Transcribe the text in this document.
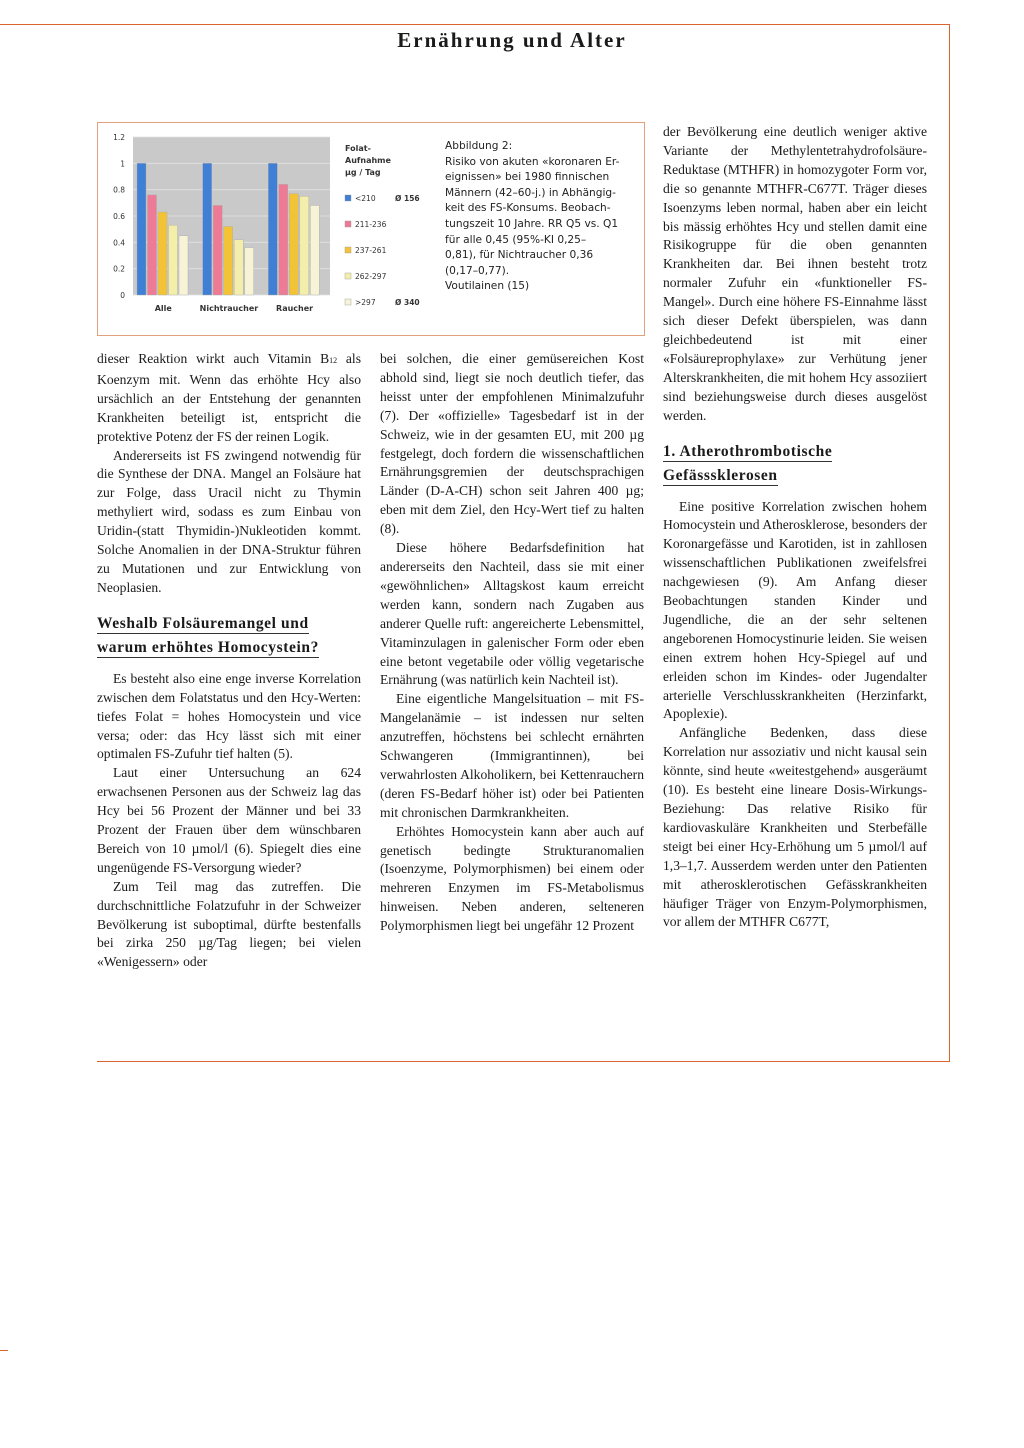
Ernährung und Alter
0
0.2
0.4
0.6
0.8
1
1.2
Alle	Nichtraucher Raucher
Folat-
Aufnahme
µg / Tag
<210	Ø 156
211-236
237-261
262-297
>297	Ø 340
Abbildung 2:
Risiko von akuten «koronaren Er-
eignissen» bei 1980 finnischen
Männern (42–60-j.) in Abhängig-
keit des FS-Konsums. Beobach-
tungszeit 10 Jahre. RR Q5 vs. Q1
für alle 0,45 (95%-KI 0,25–
0,81), für Nichtraucher 0,36
(0,17–0,77).
Voutilainen (15)

dieser Reaktion wirkt auch Vitamin B12 als Koenzym mit. Wenn das erhöhte Hcy also ursächlich an der Entstehung der genannten Krankheiten beteiligt ist, entspricht die protektive Potenz der FS der reinen Logik.

Andererseits ist FS zwingend notwendig für die Synthese der DNA. Mangel an Folsäure hat zur Folge, dass Uracil nicht zu Thymin methyliert wird, sodass es zum Einbau von Uridin-(statt Thymidin-)Nukleotiden kommt. Solche Anomalien in der DNA-Struktur führen zu Mutationen und zur Entwicklung von Neoplasien.

Weshalb Folsäuremangel und
warum erhöhtes Homocystein?

Es besteht also eine enge inverse Korrelation zwischen dem Folatstatus und den Hcy-Werten: tiefes Folat = hohes Homocystein und vice versa; oder: das Hcy lässt sich mit einer optimalen FS-Zufuhr tief halten (5).

Laut einer Untersuchung an 624 erwachsenen Personen aus der Schweiz lag das Hcy bei 56 Prozent der Männer und bei 33 Prozent der Frauen über dem wünschbaren Bereich von 10 µmol/l (6). Spiegelt dies eine ungenügende FS-Versorgung wieder?

Zum Teil mag das zutreffen. Die durchschnittliche Folatzufuhr in der Schweizer Bevölkerung ist suboptimal, dürfte bestenfalls bei zirka 250 µg/Tag liegen; bei vielen «Wenigessern» oder

bei solchen, die einer gemüsereichen Kost abhold sind, liegt sie noch deutlich tiefer, das heisst unter der empfohlenen Minimalzufuhr (7). Der «offizielle» Tagesbedarf ist in der Schweiz, wie in der gesamten EU, mit 200 µg festgelegt, doch fordern die wissenschaftlichen Ernährungsgremien der deutschsprachigen Länder (D-A-CH) schon seit Jahren 400 µg; eben mit dem Ziel, den Hcy-Wert tief zu halten (8).

Diese höhere Bedarfsdefinition hat andererseits den Nachteil, dass sie mit einer «gewöhnlichen» Alltagskost kaum erreicht werden kann, sondern nach Zugaben aus anderer Quelle ruft: angereicherte Lebensmittel, Vitaminzulagen in galenischer Form oder eben eine betont vegetabile oder völlig vegetarische Ernährung (was natürlich kein Nachteil ist).

Eine eigentliche Mangelsituation – mit FS-Mangelanämie – ist indessen nur selten anzutreffen, höchstens bei schlecht ernährten Schwangeren (Immigrantinnen), bei verwahrlosten Alkoholikern, bei Kettenrauchern (deren FS-Bedarf höher ist) oder bei Patienten mit chronischen Darmkrankheiten.

Erhöhtes Homocystein kann aber auch auf genetisch bedingte Strukturanomalien (Isoenzyme, Polymorphismen) bei einem oder mehreren Enzymen im FS-Metabolismus hinweisen. Neben anderen, selteneren Polymorphismen liegt bei ungefähr 12 Prozent

der Bevölkerung eine deutlich weniger aktive Variante der Methylentetrahydrofolsäure-Reduktase (MTHFR) in homozygoter Form vor, die so genannte MTHFR-C677T. Träger dieses Isoenzyms leben normal, haben aber ein leicht bis mässig erhöhtes Hcy und stellen damit eine Risikogruppe für die oben genannten Krankheiten dar. Bei ihnen besteht trotz normaler Zufuhr ein «funktioneller FS-Mangel». Durch eine höhere FS-Einnahme lässt sich dieser Defekt überspielen, was dann gleichbedeutend ist mit einer «Folsäureprophylaxe» zur Verhütung jener Alterskrankheiten, die mit hohem Hcy assoziiert sind beziehungsweise durch dieses ausgelöst werden.

1. Atherothrombotische
Gefässsklerosen

Eine positive Korrelation zwischen hohem Homocystein und Atherosklerose, besonders der Koronargefässe und Karotiden, ist in zahllosen wissenschaftlichen Publikationen zweifelsfrei nachgewiesen (9). Am Anfang dieser Beobachtungen standen Kinder und Jugendliche, die an der sehr seltenen angeborenen Homocystinurie leiden. Sie weisen einen extrem hohen Hcy-Spiegel auf und erleiden schon im Kindes- oder Jugendalter arterielle Verschlusskrankheiten (Herzinfarkt, Apoplexie).

Anfängliche Bedenken, dass diese Korrelation nur assoziativ und nicht kausal sein könnte, sind heute «weitestgehend» ausgeräumt (10). Es besteht eine lineare Dosis-Wirkungs-Beziehung: Das relative Risiko für kardiovaskuläre Krankheiten und Sterbefälle steigt bei einer Hcy-Erhöhung um 5 µmol/l auf 1,3–1,7. Ausserdem werden unter den Patienten mit atherosklerotischen Gefässkrankheiten häufiger Träger von Enzym-Polymorphismen, vor allem der MTHFR C677T,
